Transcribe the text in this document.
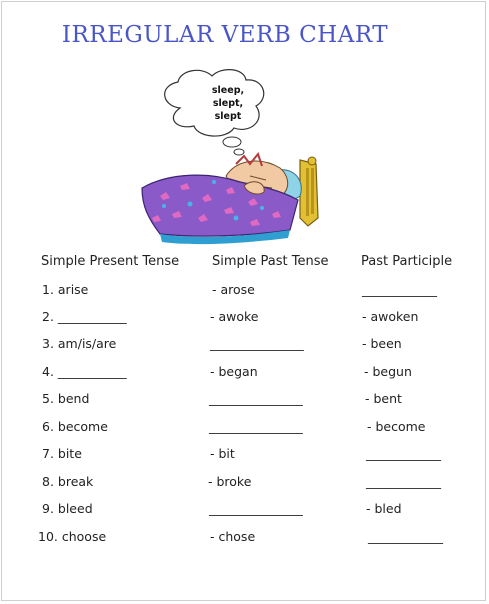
IRREGULAR VERB CHART
sleep,
slept,
slept
Simple Present Tense	Simple Past Tense	Past Participle
1. arise	- arose	____________
2. ___________	- awoke	- awoken
3. am/is/are	_______________	- been
4. ___________	- began	- begun
5. bend	_______________	- bent
6. become	_______________	- become
7. bite	- bit	____________
8. break	- broke	____________
9. bleed	_______________	- bled
10. choose	- chose	____________
